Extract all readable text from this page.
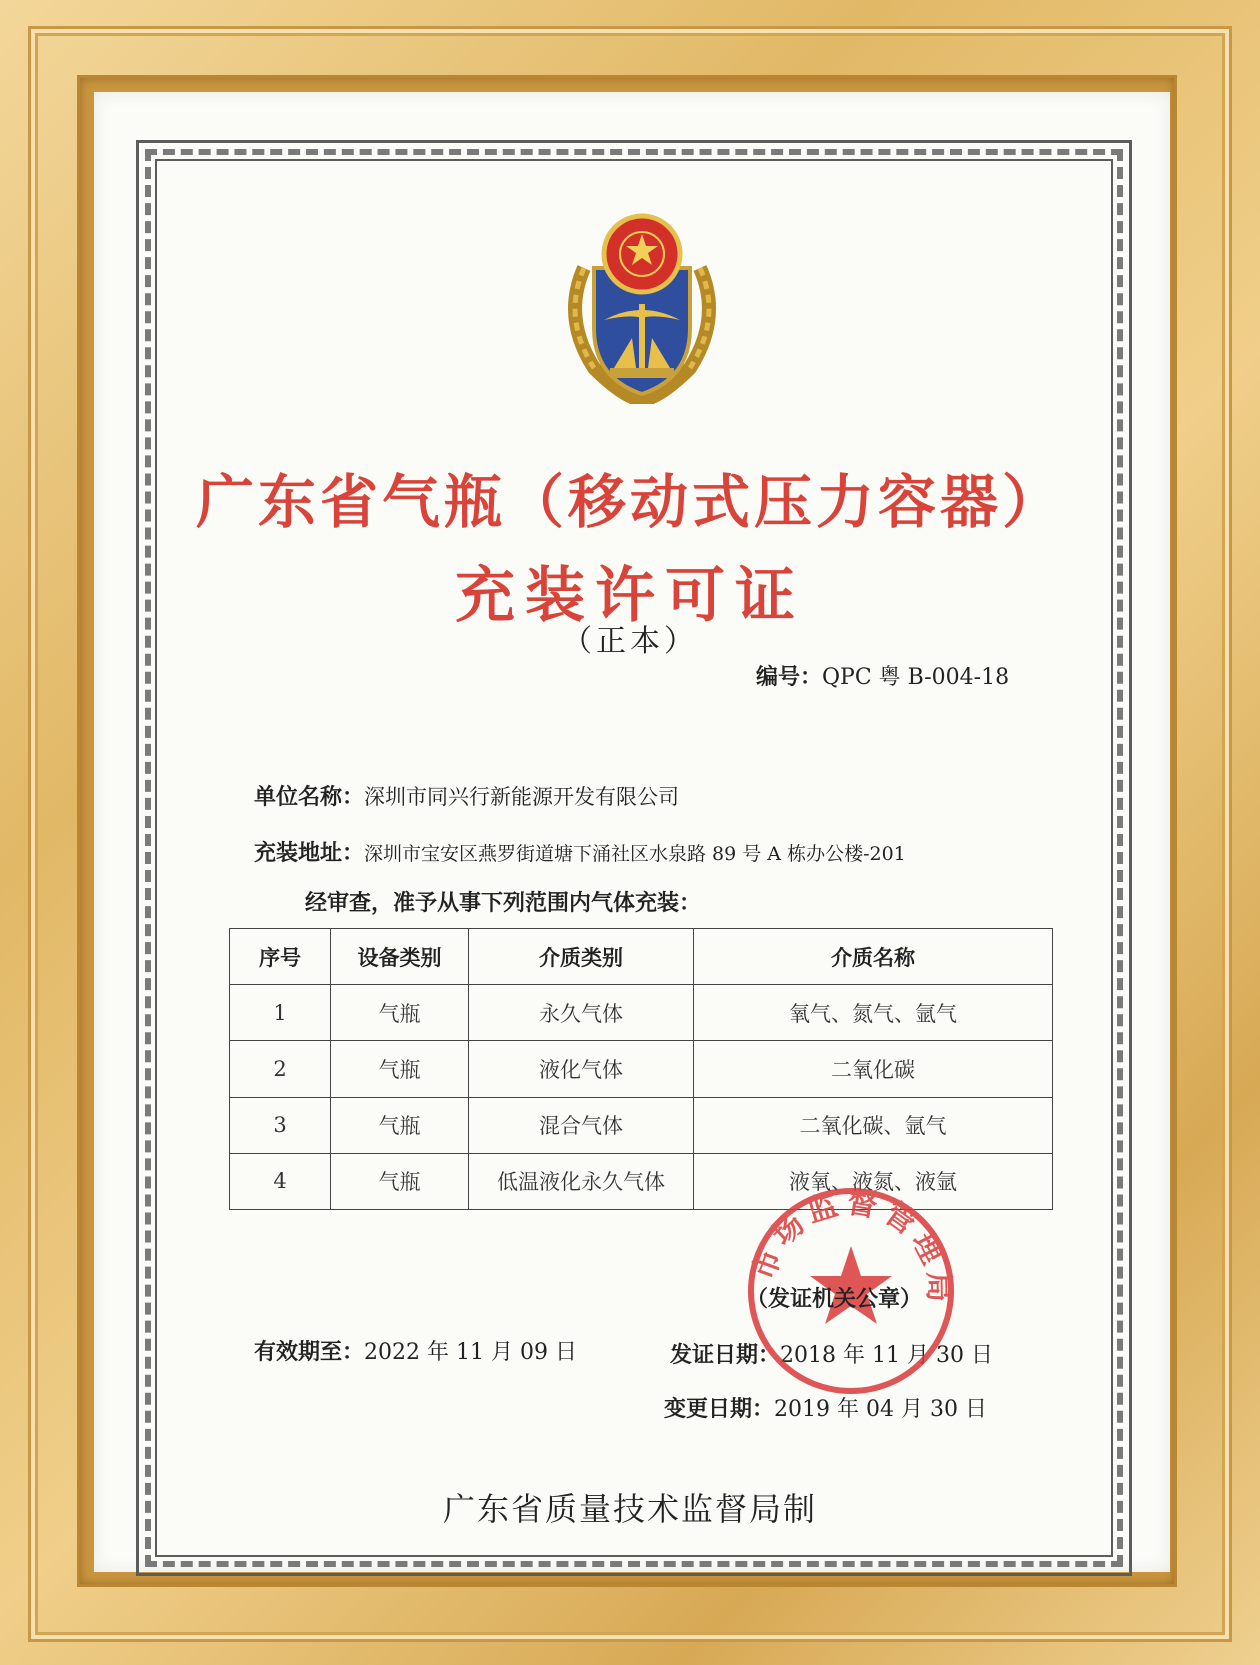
广东省气瓶（移动式压力容器）
充装许可证
（正本）
编号：QPC 粤 B-004-18
单位名称：深圳市同兴行新能源开发有限公司
充装地址：深圳市宝安区燕罗街道塘下涌社区水泉路 89 号 A 栋办公楼-201
经审查，准予从事下列范围内气体充装：
序号	设备类别	介质类别	介质名称
1	气瓶	永久气体	氧气、氮气、氩气
2	气瓶	液化气体	二氧化碳
3	气瓶	混合气体	二氧化碳、氩气
4	气瓶	低温液化永久气体	液氧、液氮、液氩
市场监督管理局
（发证机关公章）
有效期至：2022 年 11 月 09 日	发证日期：2018 年 11 月 30 日
变更日期：2019 年 04 月 30 日
广东省质量技术监督局制
